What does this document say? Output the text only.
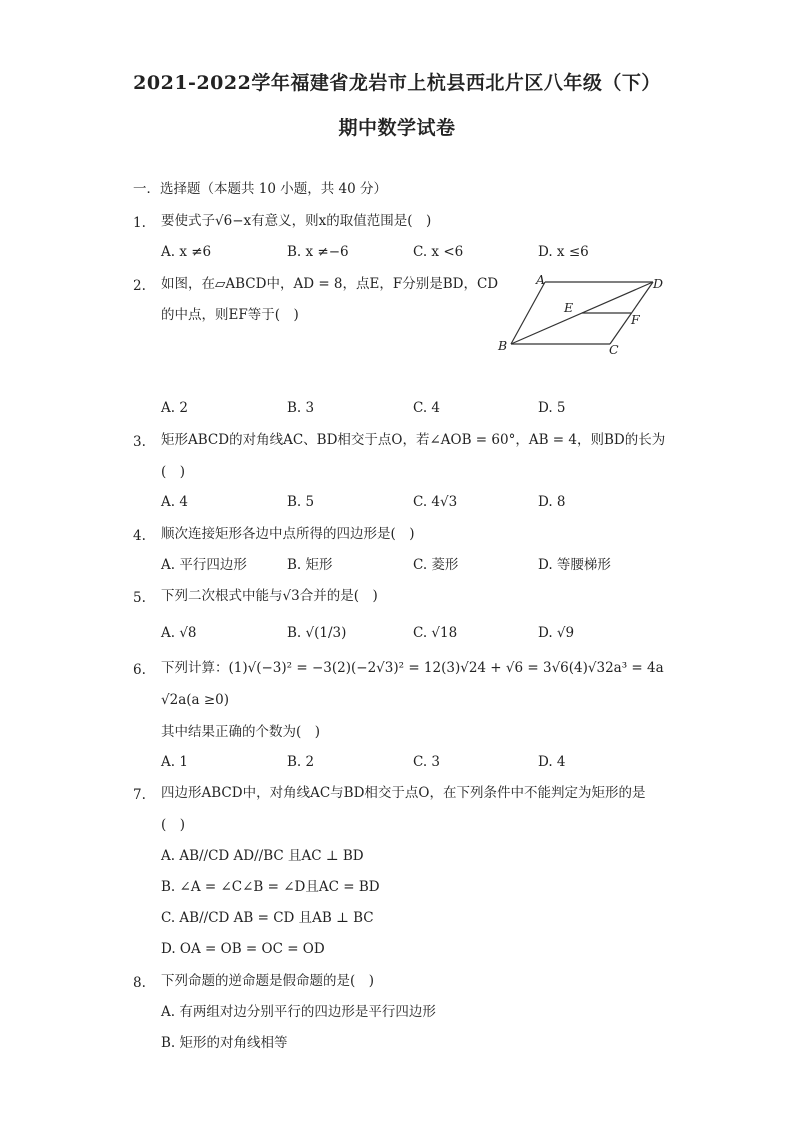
2021-2022学年福建省龙岩市上杭县西北片区八年级（下）
期中数学试卷
一．选择题（本题共 10 小题，共 40 分）
1. 要使式子√6−x有意义，则x的取值范围是(　)
A. x ≠6	B. x ≠−6	C. x <6	D. x ≤6
2. 如图，在▱ABCD中，AD = 8，点E，F分别是BD，CD
的中点，则EF等于(　)
A	D
E
F
B	C
A. 2	B. 3	C. 4	D. 5
3. 矩形ABCD的对角线AC、BD相交于点O，若∠AOB = 60°，AB = 4，则BD的长为
(　)
A. 4	B. 5	C. 4√3	D. 8
4. 顺次连接矩形各边中点所得的四边形是(　)
A. 平行四边形	B. 矩形	C. 菱形	D. 等腰梯形
5. 下列二次根式中能与√3合并的是(　)
A. √8	B. √(1/3)	C. √18	D. √9
6. 下列计算：(1)√(−3)² = −3(2)(−2√3)² = 12(3)√24 + √6 = 3√6(4)√32a³ = 4a
√2a(a ≥0)
其中结果正确的个数为(　)
A. 1	B. 2	C. 3	D. 4
7. 四边形ABCD中，对角线AC与BD相交于点O，在下列条件中不能判定为矩形的是
(　)
A. AB//CD AD//BC 且AC ⊥ BD
B. ∠A = ∠C∠B = ∠D且AC = BD
C. AB//CD AB = CD 且AB ⊥ BC
D. OA = OB = OC = OD
8. 下列命题的逆命题是假命题的是(　)
A. 有两组对边分别平行的四边形是平行四边形
B. 矩形的对角线相等
